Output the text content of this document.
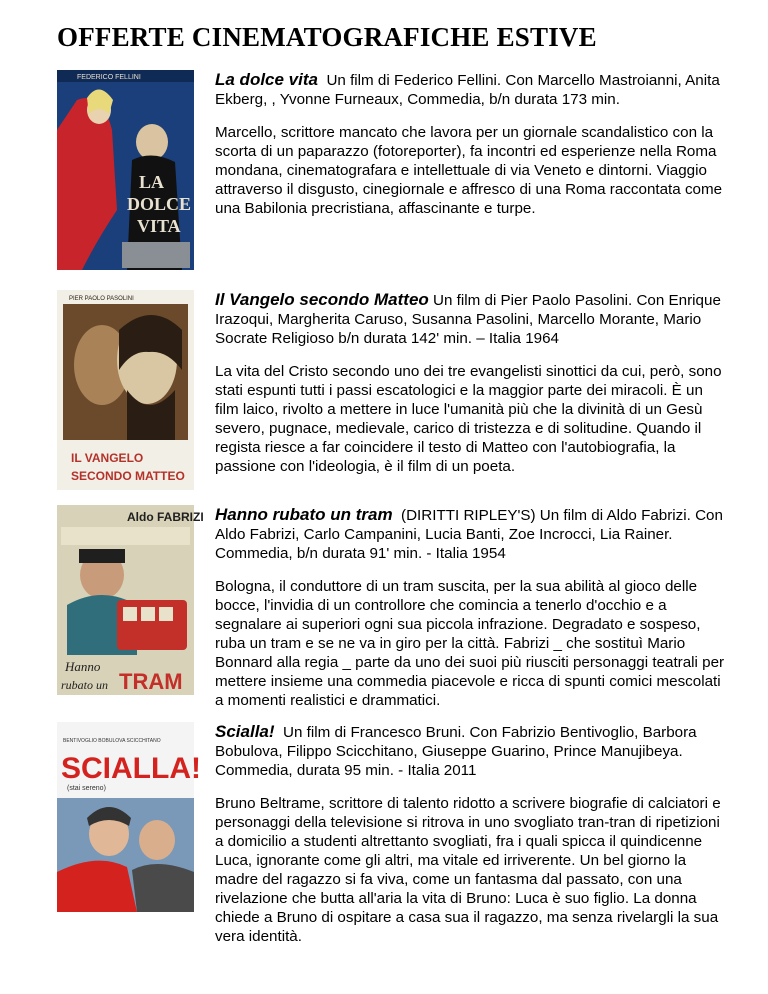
OFFERTE CINEMATOGRAFICHE ESTIVE
LA
DOLCE
VITA
FEDERICO FELLINI	La dolce vita Un film di Federico Fellini. Con Marcello Mastroianni, Anita Ekberg, , Yvonne Furneaux, Commedia, b/n durata 173 min.

Marcello, scrittore mancato che lavora per un giornale scandalistico con la scorta di un paparazzo (fotoreporter), fa incontri ed esperienze nella Roma mondana, cinematografara e intellettuale di via Veneto e dintorni. Viaggio attraverso il disgusto, cinegiornale e affresco di una Roma raccontata come una Babilonia precristiana, affascinante e turpe.

PIER PAOLO PASOLINI
IL VANGELO
SECONDO MATTEO

Il Vangelo secondo Matteo Un film di Pier Paolo Pasolini. Con Enrique Irazoqui, Margherita Caruso, Susanna Pasolini, Marcello Morante, Mario Socrate Religioso b/n durata 142' min. – Italia 1964

La vita del Cristo secondo uno dei tre evangelisti sinottici da cui, però, sono stati espunti tutti i passi escatologici e la maggior parte dei miracoli. È un film laico, rivolto a mettere in luce l'umanità più che la divinità di un Gesù severo, pugnace, medievale, carico di tristezza e di solitudine. Quando il regista riesce a far coincidere il testo di Matteo con l'autobiografia, la passione con l'ideologia, è il film di un poeta.

Aldo FABRIZI
Hanno
rubato un TRAM

Hanno rubato un tram (DIRITTI RIPLEY'S) Un film di Aldo Fabrizi. Con Aldo Fabrizi, Carlo Campanini, Lucia Banti, Zoe Incrocci, Lia Rainer. Commedia, b/n durata 91' min. - Italia 1954

Bologna, il conduttore di un tram suscita, per la sua abilità al gioco delle bocce, l'invidia di un controllore che comincia a tenerlo d'occhio e a segnalare ai superiori ogni sua piccola infrazione. Degradato e sospeso, ruba un tram e se ne va in giro per la città. Fabrizi _ che sostituì Mario Bonnard alla regia _ parte da uno dei suoi più riusciti personaggi teatrali per mettere insieme una commedia piacevole e ricca di spunti comici mescolati a momenti realistici e drammatici.

BENTIVOGLIO BOBULOVA SCICCHITANO
SCIALLA!
(stai sereno)

Scialla! Un film di Francesco Bruni. Con Fabrizio Bentivoglio, Barbora Bobulova, Filippo Scicchitano, Giuseppe Guarino, Prince Manujibeya. Commedia, durata 95 min. - Italia 2011

Bruno Beltrame, scrittore di talento ridotto a scrivere biografie di calciatori e personaggi della televisione si ritrova in uno svogliato tran-tran di ripetizioni a domicilio a studenti altrettanto svogliati, fra i quali spicca il quindicenne Luca, ignorante come gli altri, ma vitale ed irriverente. Un bel giorno la madre del ragazzo si fa viva, come un fantasma dal passato, con una rivelazione che butta all'aria la vita di Bruno: Luca è suo figlio. La donna chiede a Bruno di ospitare a casa sua il ragazzo, ma senza rivelargli la sua vera identità.
